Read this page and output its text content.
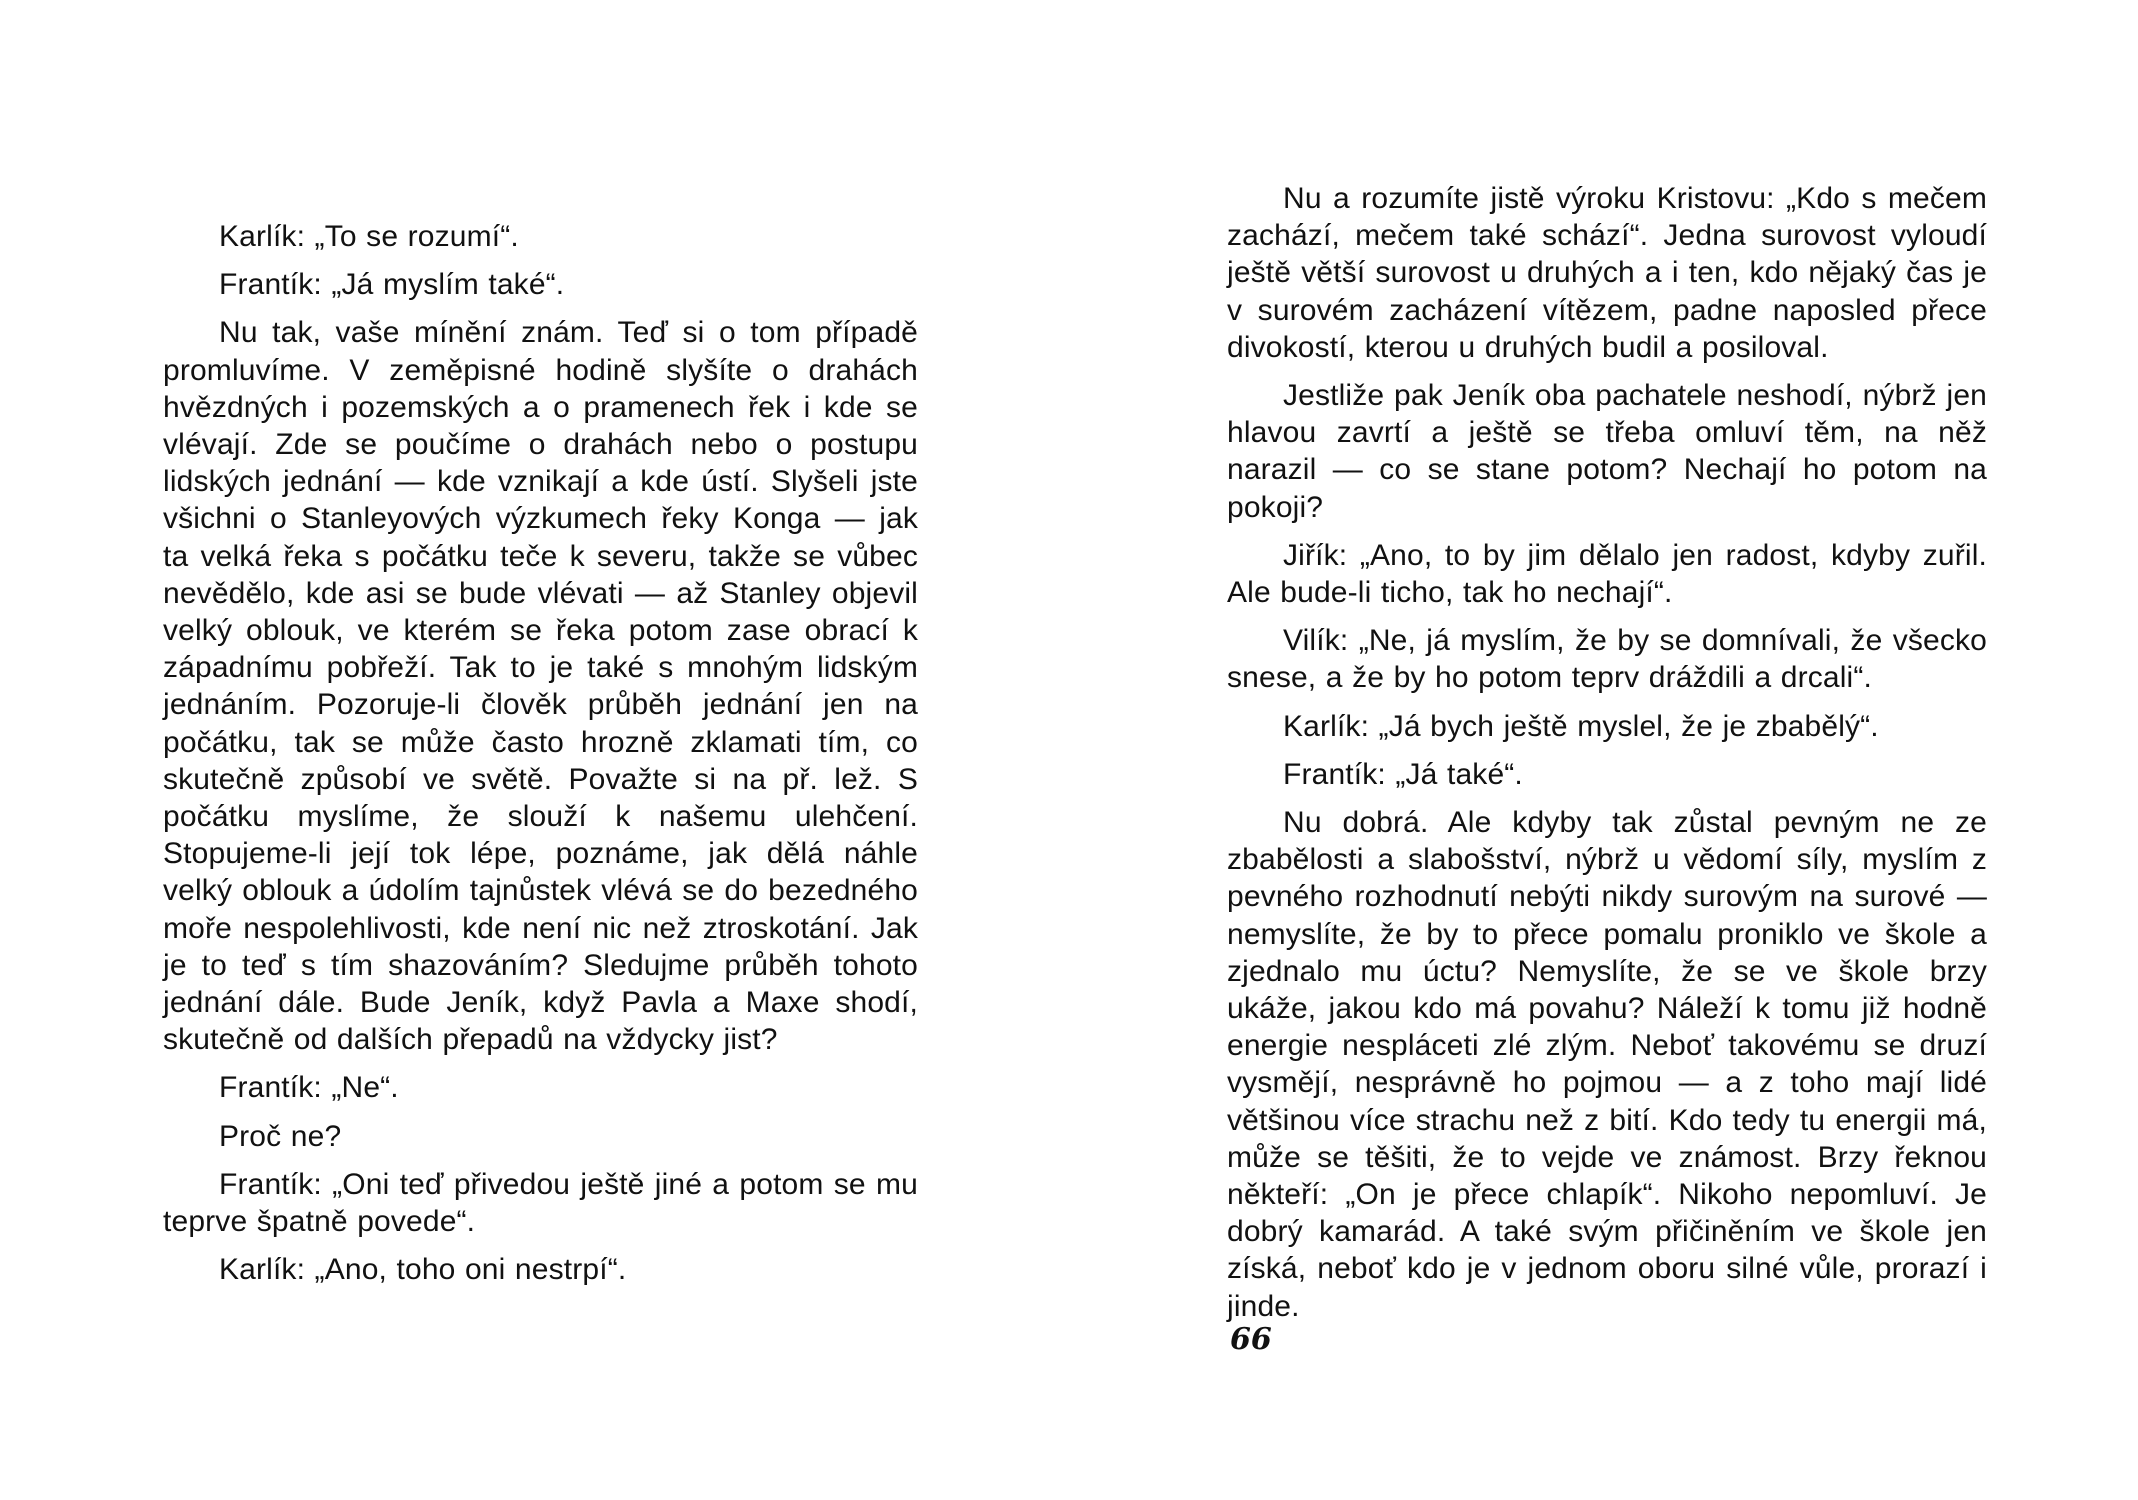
Karlík: „To se rozumí“.

Frantík: „Já myslím také“.

Nu tak, vaše mínění znám. Teď si o tom případě promluvíme. V zeměpisné hodině slyšíte o drahách hvězdných i pozemských a o pramenech řek i kde se vlévají. Zde se poučíme o drahách nebo o postupu lidských jednání — kde vznikají a kde ústí. Slyšeli jste všichni o Stanleyových výzkumech řeky Konga — jak ta velká řeka s počátku teče k severu, takže se vůbec nevědělo, kde asi se bude vlévati — až Stanley objevil velký oblouk, ve kterém se řeka potom zase obrací k západnímu pobřeží. Tak to je také s mnohým lidským jednáním. Pozoruje-li člověk průběh jednání jen na počátku, tak se může často hrozně zklamati tím, co skutečně způsobí ve světě. Považte si na př. lež. S počátku myslíme, že slouží k našemu ulehčení. Stopujeme-li její tok lépe, poznáme, jak dělá náhle velký oblouk a údolím tajnůstek vlévá se do bezedného moře nespolehlivosti, kde není nic než ztroskotání. Jak je to teď s tím shazováním? Sledujme průběh tohoto jednání dále. Bude Jeník, když Pavla a Maxe shodí, skutečně od dalších přepadů na vždycky jist?

Frantík: „Ne“.

Proč ne?

Frantík: „Oni teď přivedou ještě jiné a potom se mu teprve špatně povede“.

Karlík: „Ano, toho oni nestrpí“.

Nu a rozumíte jistě výroku Kristovu: „Kdo s mečem zachází, mečem také schází“. Jedna surovost vyloudí ještě větší surovost u druhých a i ten, kdo nějaký čas je v surovém zacházení vítězem, padne naposled přece divokostí, kterou u druhých budil a posiloval.

Jestliže pak Jeník oba pachatele neshodí, nýbrž jen hlavou zavrtí a ještě se třeba omluví těm, na něž narazil — co se stane potom? Nechají ho potom na pokoji?

Jiřík: „Ano, to by jim dělalo jen radost, kdyby zuřil. Ale bude-li ticho, tak ho nechají“.

Vilík: „Ne, já myslím, že by se domnívali, že všecko snese, a že by ho potom teprv dráždili a drcali“.

Karlík: „Já bych ještě myslel, že je zbabělý“.

Frantík: „Já také“.

Nu dobrá. Ale kdyby tak zůstal pevným ne ze zbabělosti a slabošství, nýbrž u vědomí síly, myslím z pevného rozhodnutí nebýti nikdy surovým na surové — nemyslíte, že by to přece pomalu proniklo ve škole a zjednalo mu úctu? Nemyslíte, že se ve škole brzy ukáže, jakou kdo má povahu? Náleží k tomu již hodně energie nespláceti zlé zlým. Neboť takovému se druzí vysmějí, nesprávně ho pojmou — a z toho mají lidé většinou více strachu než z bití. Kdo tedy tu energii má, může se těšiti, že to vejde ve známost. Brzy řeknou někteří: „On je přece chlapík“. Nikoho nepomluví. Je dobrý kamarád. A také svým přičiněním ve škole jen získá, neboť kdo je v jednom oboru silné vůle, prorazí i jinde.

66
